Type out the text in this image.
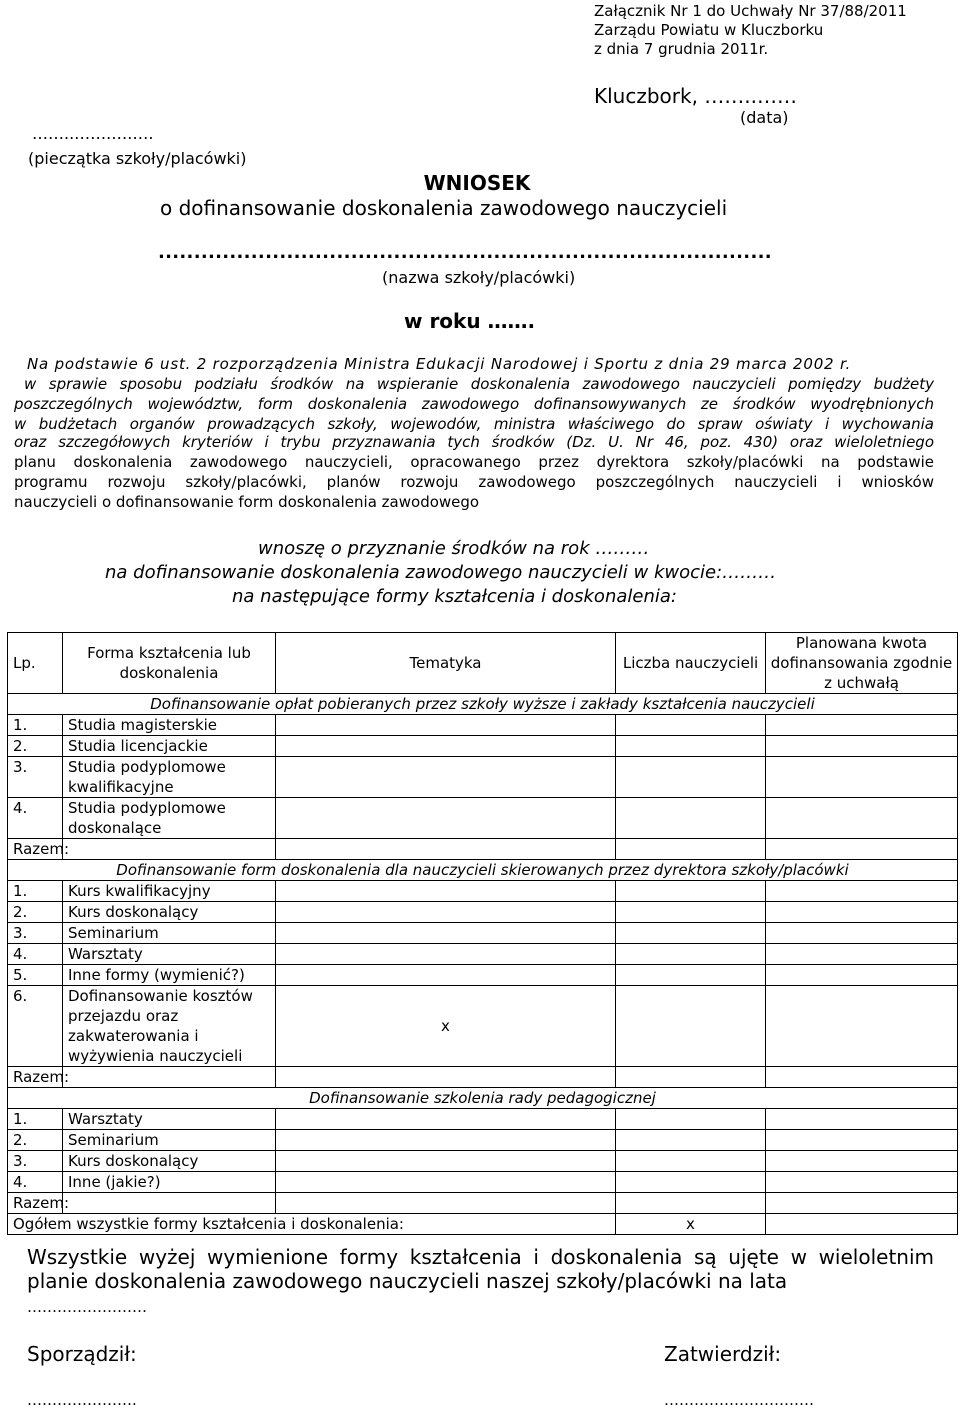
Załącznik Nr 1 do Uchwały Nr 37/88/2011
Zarządu Powiatu w Kluczborku
z dnia 7 grudnia 2011r.
Kluczbork, ……..……
(data)
……..…….….….
(pieczątka szkoły/placówki)
WNIOSEK
o dofinansowanie doskonalenia zawodowego nauczycieli
......................................................................................
(nazwa szkoły/placówki)
w roku …….
Na podstawie 6 ust. 2 rozporządzenia Ministra Edukacji Narodowej i Sportu z dnia 29 marca 2002 r.
w sprawie sposobu podziału środków na wspieranie doskonalenia zawodowego nauczycieli pomiędzy budżety
poszczególnych województw, form doskonalenia zawodowego dofinansowywanych ze środków wyodrębnionych
w budżetach organów prowadzących szkoły, wojewodów, ministra właściwego do spraw oświaty i wychowania
oraz szczegółowych kryteriów i trybu przyznawania tych środków (Dz. U. Nr 46, poz. 430) oraz wieloletniego
planu doskonalenia zawodowego nauczycieli, opracowanego przez dyrektora szkoły/placówki na podstawie
programu rozwoju szkoły/placówki, planów rozwoju zawodowego poszczególnych nauczycieli i wniosków
nauczycieli o dofinansowanie form doskonalenia zawodowego
wnoszę o przyznanie środków na rok ………
na dofinansowanie doskonalenia zawodowego nauczycieli w kwocie:………
na następujące formy kształcenia i doskonalenia:
Lp.	Forma kształcenia lub doskonalenia	Tematyka	Liczba nauczycieli	Planowana kwota dofinansowania zgodnie z uchwałą
Dofinansowanie opłat pobieranych przez szkoły wyższe i zakłady kształcenia nauczycieli				
1.	Studia magisterskie			
2.	Studia licencjackie			
3.	Studia podyplomowe kwalifikacyjne			
4.	Studia podyplomowe doskonalące			
Razem:				
Dofinansowanie form doskonalenia dla nauczycieli skierowanych przez dyrektora szkoły/placówki				
1.	Kurs kwalifikacyjny			
2.	Kurs doskonalący			
3.	Seminarium			
4.	Warsztaty			
5.	Inne formy (wymienić?)			
6.	Dofinansowanie kosztów przejazdu oraz zakwaterowania i wyżywienia nauczycieli	x		
Razem:				
Dofinansowanie szkolenia rady pedagogicznej				
1.	Warsztaty			
2.	Seminarium			
3.	Kurs doskonalący			
4.	Inne (jakie?)			
Razem:				
Ogółem wszystkie formy kształcenia i doskonalenia:			x	
Wszystkie wyżej wymienione formy kształcenia i doskonalenia są ujęte w wieloletnim planie doskonalenia zawodowego nauczycieli naszej szkoły/placówki na lata
……………………
Sporządził:	Zatwierdził:
………………….	…………………………
